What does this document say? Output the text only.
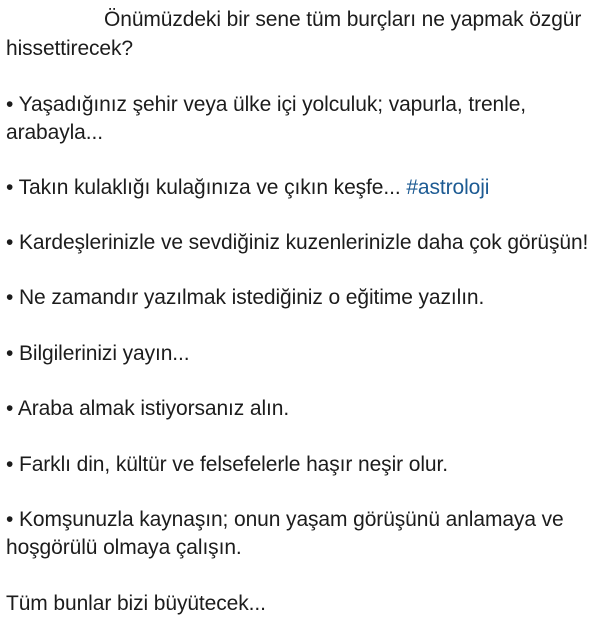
Önümüzdeki bir sene tüm burçları ne yapmak özgür
hissettirecek?
• Yaşadığınız şehir veya ülke içi yolculuk; vapurla, trenle,
arabayla...
• Takın kulaklığı kulağınıza ve çıkın keşfe... #astroloji
• Kardeşlerinizle ve sevdiğiniz kuzenlerinizle daha çok görüşün!
• Ne zamandır yazılmak istediğiniz o eğitime yazılın.
• Bilgilerinizi yayın...
• Araba almak istiyorsanız alın.
• Farklı din, kültür ve felsefelerle haşır neşir olur.
• Komşunuzla kaynaşın; onun yaşam görüşünü anlamaya ve
hoşgörülü olmaya çalışın.
Tüm bunlar bizi büyütecek...
